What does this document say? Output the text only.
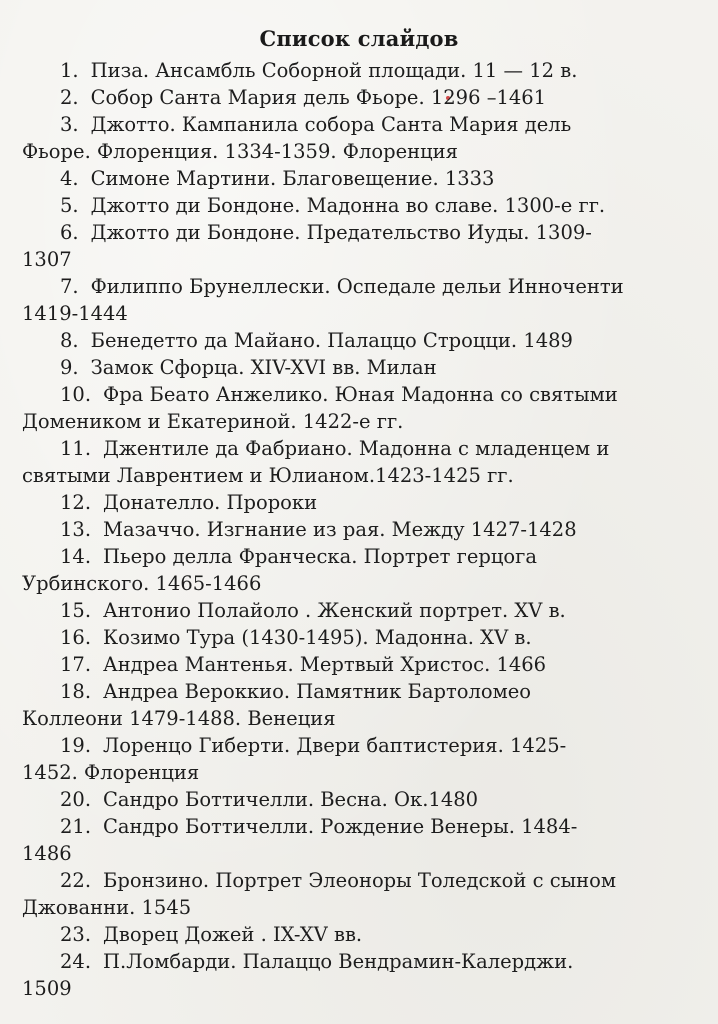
Список слайдов
1. Пиза. Ансамбль Соборной площади. 11 — 12 в.
2. Собор Санта Мария дель Фьоре. 1296 –1461
3. Джотто. Кампанила собора Санта Мария дель
Фьоре. Флоренция. 1334-1359. Флоренция
4. Симоне Мартини. Благовещение. 1333
5. Джотто ди Бондоне. Мадонна во славе. 1300-е гг.
6. Джотто ди Бондоне. Предательство Иуды. 1309-
1307
7. Филиппо Брунеллески. Оспедале дельи Инноченти
1419-1444
8. Бенедетто да Майано. Палаццо Строцци. 1489
9. Замок Сфорца. XIV-XVI вв. Милан
10. Фра Беато Анжелико. Юная Мадонна со святыми
Домеником и Екатериной. 1422-е гг.
11. Джентиле да Фабриано. Мадонна с младенцем и
святыми Лаврентием и Юлианом.1423-1425 гг.
12. Донателло. Пророки
13. Мазаччо. Изгнание из рая. Между 1427-1428
14. Пьеро делла Франческа. Портрет герцога
Урбинского. 1465-1466
15. Антонио Полайоло . Женский портрет. XV в.
16. Козимо Тура (1430-1495). Мадонна. XV в.
17. Андреа Мантенья. Мертвый Христос. 1466
18. Андреа Вероккио. Памятник Бартоломео
Коллеони 1479-1488. Венеция
19. Лоренцо Гиберти. Двери баптистерия. 1425-
1452. Флоренция
20. Сандро Боттичелли. Весна. Ок.1480
21. Сандро Боттичелли. Рождение Венеры. 1484-
1486
22. Бронзино. Портрет Элеоноры Толедской с сыном
Джованни. 1545
23. Дворец Дожей . IX-XV вв.
24. П.Ломбарди. Палаццо Вендрамин-Калерджи.
1509
